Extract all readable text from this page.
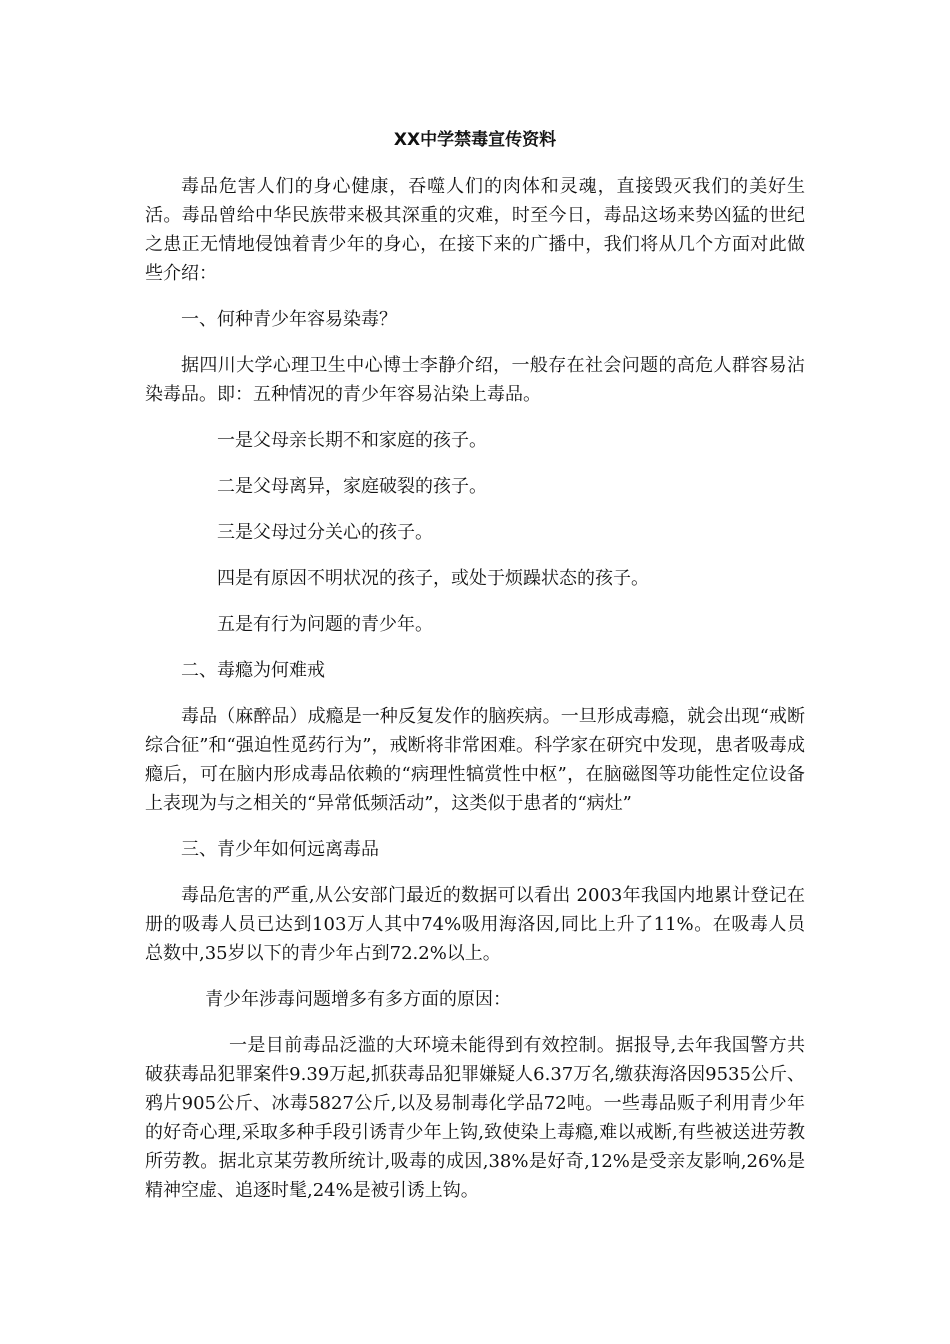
XX中学禁毒宣传资料
毒品危害人们的身心健康，吞噬人们的肉体和灵魂，直接毁灭我们的美好生活。毒品曾给中华民族带来极其深重的灾难，时至今日，毒品这场来势凶猛的世纪之患正无情地侵蚀着青少年的身心，在接下来的广播中，我们将从几个方面对此做些介绍：
一、何种青少年容易染毒？
据四川大学心理卫生中心博士李静介绍，一般存在社会问题的高危人群容易沾染毒品。即：五种情况的青少年容易沾染上毒品。
一是父母亲长期不和家庭的孩子。
二是父母离异，家庭破裂的孩子。
三是父母过分关心的孩子。
四是有原因不明状况的孩子，或处于烦躁状态的孩子。
五是有行为问题的青少年。
二、毒瘾为何难戒
毒品（麻醉品）成瘾是一种反复发作的脑疾病。一旦形成毒瘾，就会出现“戒断综合征”和“强迫性觅药行为”，戒断将非常困难。科学家在研究中发现，患者吸毒成瘾后，可在脑内形成毒品依赖的“病理性犒赏性中枢”，在脑磁图等功能性定位设备上表现为与之相关的“异常低频活动”，这类似于患者的“病灶”
三、青少年如何远离毒品
毒品危害的严重,从公安部门最近的数据可以看出 2003年我国内地累计登记在册的吸毒人员已达到103万人其中74%吸用海洛因,同比上升了11%。在吸毒人员总数中,35岁以下的青少年占到72.2%以上。
青少年涉毒问题增多有多方面的原因：
一是目前毒品泛滥的大环境未能得到有效控制。据报导,去年我国警方共破获毒品犯罪案件9.39万起,抓获毒品犯罪嫌疑人6.37万名,缴获海洛因9535公斤、鸦片905公斤、冰毒5827公斤,以及易制毒化学品72吨。一些毒品贩子利用青少年的好奇心理,采取多种手段引诱青少年上钩,致使染上毒瘾,难以戒断,有些被送进劳教所劳教。据北京某劳教所统计,吸毒的成因,38%是好奇,12%是受亲友影响,26%是精神空虚、追逐时髦,24%是被引诱上钩。
